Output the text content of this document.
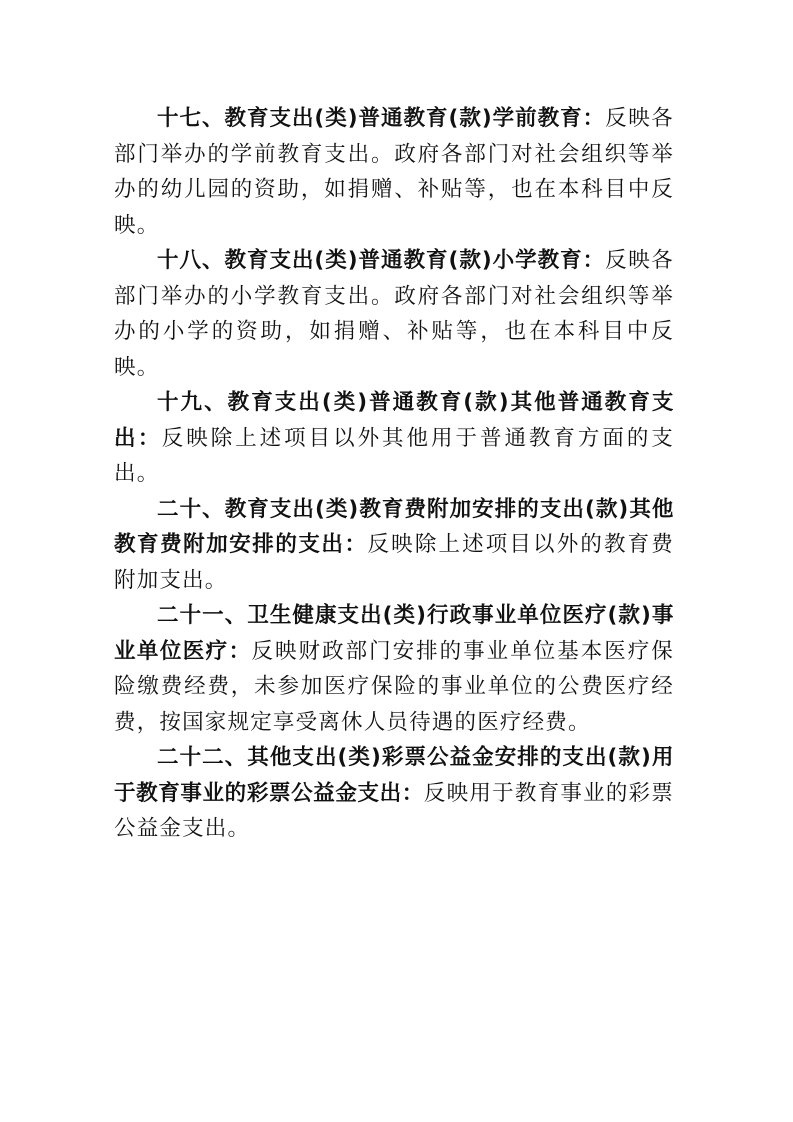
十七、教育支出(类)普通教育(款)学前教育：反映各部门举办的学前教育支出。政府各部门对社会组织等举办的幼儿园的资助，如捐赠、补贴等，也在本科目中反映。

十八、教育支出(类)普通教育(款)小学教育：反映各部门举办的小学教育支出。政府各部门对社会组织等举办的小学的资助，如捐赠、补贴等，也在本科目中反映。

十九、教育支出(类)普通教育(款)其他普通教育支出：反映除上述项目以外其他用于普通教育方面的支出。

二十、教育支出(类)教育费附加安排的支出(款)其他教育费附加安排的支出：反映除上述项目以外的教育费附加支出。

二十一、卫生健康支出(类)行政事业单位医疗(款)事业单位医疗：反映财政部门安排的事业单位基本医疗保险缴费经费，未参加医疗保险的事业单位的公费医疗经费，按国家规定享受离休人员待遇的医疗经费。

二十二、其他支出(类)彩票公益金安排的支出(款)用于教育事业的彩票公益金支出：反映用于教育事业的彩票公益金支出。
